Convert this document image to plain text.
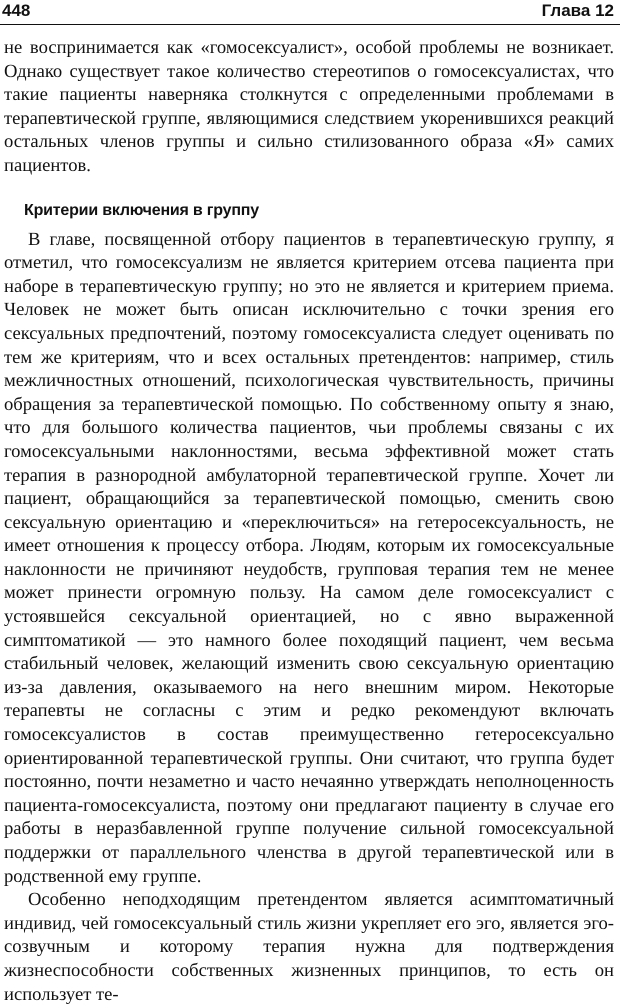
448	Глава 12

не воспринимается как «гомосексуалист», особой проблемы не возникает. Однако существует такое количество стереотипов о гомосексуалистах, что такие пациенты наверняка столкнутся с определенными проблемами в терапевтической группе, являющимися следствием укоренившихся реакций остальных членов группы и сильно стилизованного образа «Я» самих пациентов.

Критерии включения в группу

В главе, посвященной отбору пациентов в терапевтическую группу, я отметил, что гомосексуализм не является критерием отсева пациента при наборе в терапевтическую группу; но это не является и критерием приема. Человек не может быть описан исключительно с точки зрения его сексуальных предпочтений, поэтому гомосексуалиста следует оценивать по тем же критериям, что и всех остальных претендентов: например, стиль межличностных отношений, психологическая чувствительность, причины обращения за терапевтической помощью. По собственному опыту я знаю, что для большого количества пациентов, чьи проблемы связаны с их гомосексуальными наклонностями, весьма эффективной может стать терапия в разнородной амбулаторной терапевтической группе. Хочет ли пациент, обращающийся за терапевтической помощью, сменить свою сексуальную ориентацию и «переключиться» на гетеросексуальность, не имеет отношения к процессу отбора. Людям, которым их гомосексуальные наклонности не причиняют неудобств, групповая терапия тем не менее может принести огромную пользу. На самом деле гомосексуалист с устоявшейся сексуальной ориентацией, но с явно выраженной симптоматикой — это намного более походящий пациент, чем весьма стабильный человек, желающий изменить свою сексуальную ориентацию из-за давления, оказываемого на него внешним миром. Некоторые терапевты не согласны с этим и редко рекомендуют включать гомосексуалистов в состав преимущественно гетеросексуально ориентированной терапевтической группы. Они считают, что группа будет постоянно, почти незаметно и часто нечаянно утверждать неполноценность пациента-гомосексуалиста, поэтому они предлагают пациенту в случае его работы в неразбавленной группе получение сильной гомосексуальной поддержки от параллельного членства в другой терапевтической или в родственной ему группе.

Особенно неподходящим претендентом является асимптоматичный индивид, чей гомосексуальный стиль жизни укрепляет его эго, является эго-созвучным и которому терапия нужна для подтверждения жизнеспособности собственных жизненных принципов, то есть он использует те-
